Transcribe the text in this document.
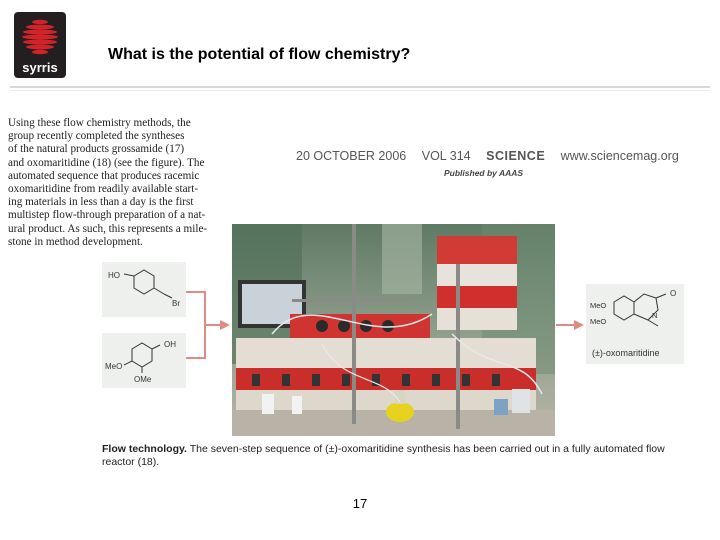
syrris
What is the potential of flow chemistry?
Using these flow chemistry methods, the
group recently completed the syntheses
of the natural products grossamide (17)
and oxomaritidine (18) (see the figure). The
automated sequence that produces racemic
oxomaritidine from readily available start-
ing materials in less than a day is the first
multistep flow-through preparation of a nat-
ural product. As such, this represents a mile-
stone in method development.
20 OCTOBER 2006 VOL 314 SCIENCE www.sciencemag.org
Published by AAAS
HO
Br
OH
MeO
OMe
MeO
MeO
O
N
(±)-oxomaritidine
Flow technology. The seven-step sequence of (±)-oxomaritidine synthesis has been carried out in a fully automated flow reactor (18).
17
